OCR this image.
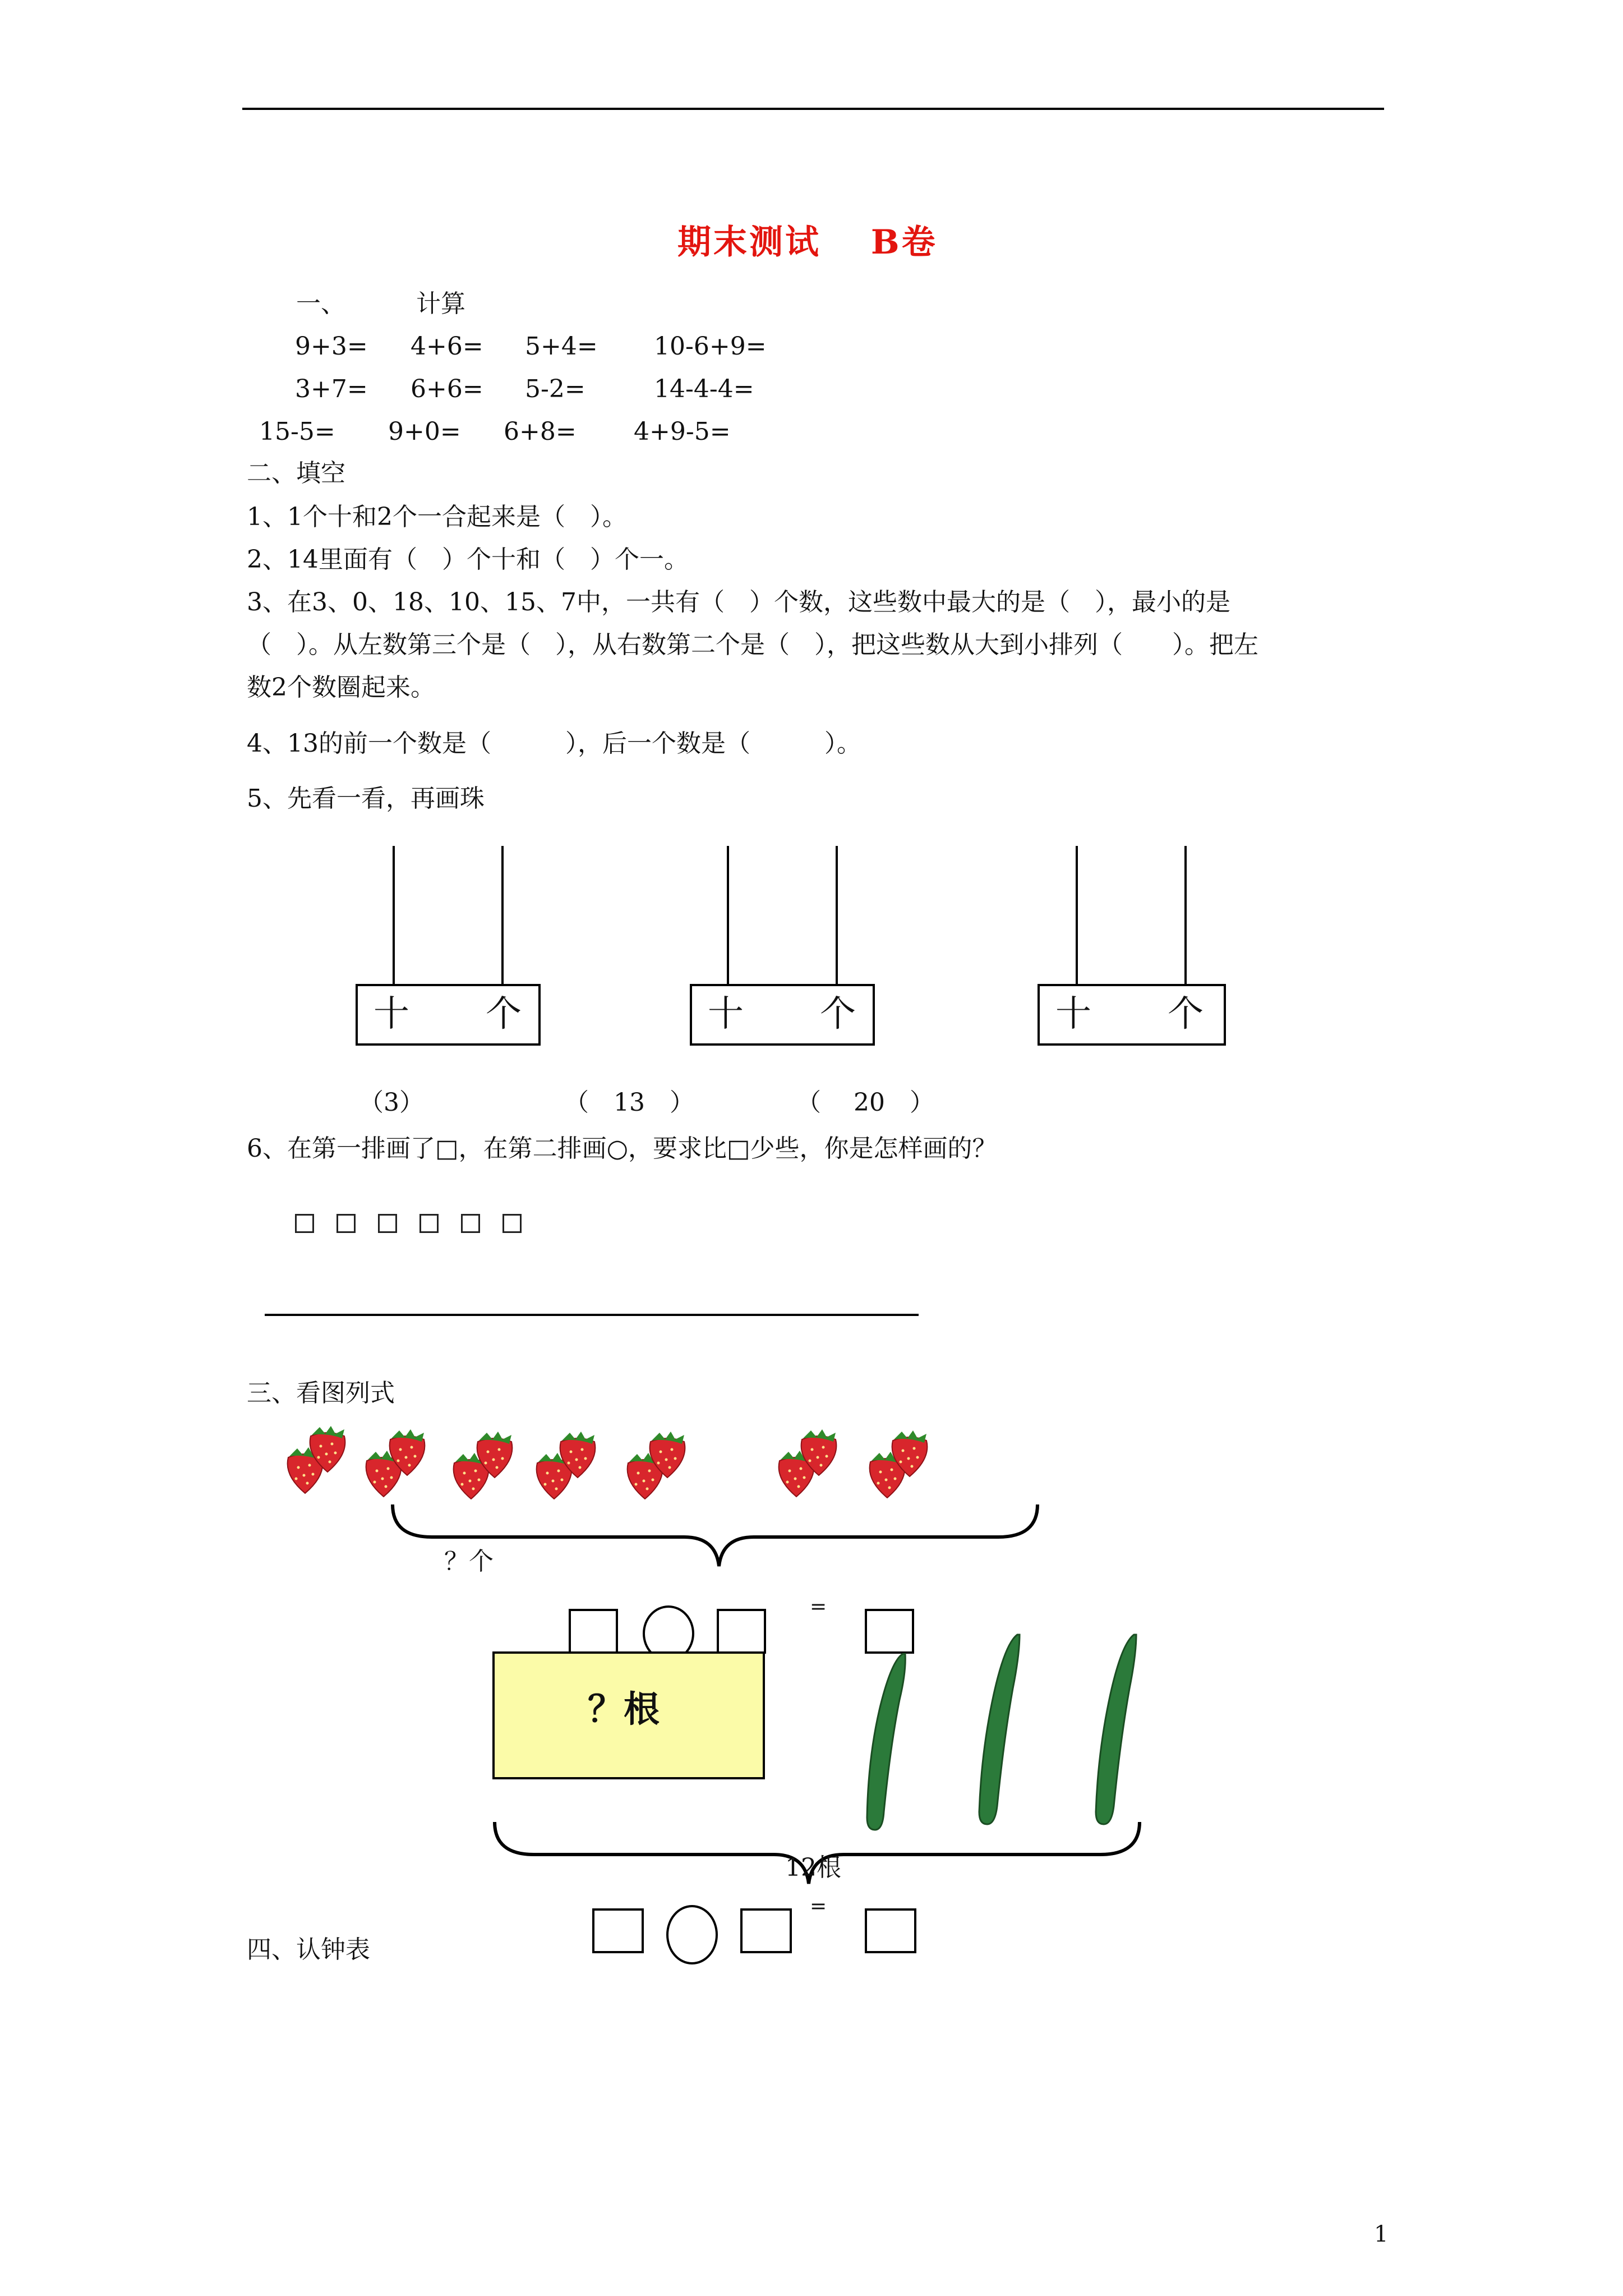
期末测试　 B卷
一、	计算
9+3= 4+6= 5+4= 10-6+9=
3+7= 6+6= 5-2=	14-4-4=
15-5= 9+0= 6+8= 4+9-5=
二、填空
1、1个十和2个一合起来是（　）。
2、14里面有（　）个十和（　）个一。
3、在3、0、18、10、15、7中，一共有（　）个数，这些数中最大的是（　），最小的是
（　）。从左数第三个是（　），从右数第二个是（　），把这些数从大到小排列（　　）。把左
数2个数圈起来。
4、13的前一个数是（　　　），后一个数是（　　　）。
5、先看一看，再画珠
十 个	十 个	十 个
（3）	（　13　）	（　 20　）
6、在第一排画了□，在第二排画○，要求比□少些，你是怎样画的？
三、看图列式
？个
=
？根
12根
=
四、认钟表
1
